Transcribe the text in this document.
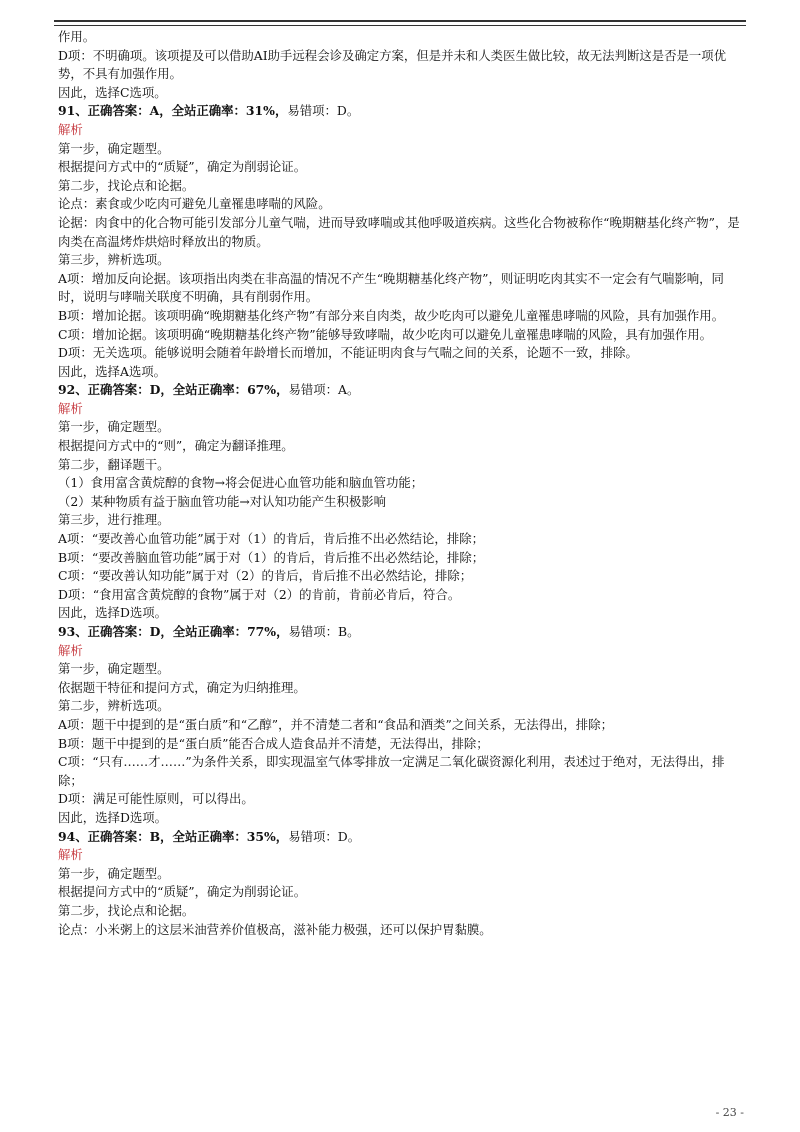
作用。
D项：不明确项。该项提及可以借助AI助手远程会诊及确定方案，但是并未和人类医生做比较，故无法判断这是否是一项优势，不具有加强作用。
因此，选择C选项。
91、正确答案：A，全站正确率：31%，易错项：D。
解析
第一步，确定题型。
根据提问方式中的“质疑”，确定为削弱论证。
第二步，找论点和论据。
论点：素食或少吃肉可避免儿童罹患哮喘的风险。
论据：肉食中的化合物可能引发部分儿童气喘，进而导致哮喘或其他呼吸道疾病。这些化合物被称作“晚期糖基化终产物”，是肉类在高温烤炸烘焙时释放出的物质。
第三步，辨析选项。
A项：增加反向论据。该项指出肉类在非高温的情况不产生“晚期糖基化终产物”，则证明吃肉其实不一定会有气喘影响，同时，说明与哮喘关联度不明确，具有削弱作用。
B项：增加论据。该项明确“晚期糖基化终产物”有部分来自肉类，故少吃肉可以避免儿童罹患哮喘的风险，具有加强作用。
C项：增加论据。该项明确“晚期糖基化终产物”能够导致哮喘，故少吃肉可以避免儿童罹患哮喘的风险，具有加强作用。
D项：无关选项。能够说明会随着年龄增长而增加，不能证明肉食与气喘之间的关系，论题不一致，排除。
因此，选择A选项。
92、正确答案：D，全站正确率：67%，易错项：A。
解析
第一步，确定题型。
根据提问方式中的“则”，确定为翻译推理。
第二步，翻译题干。
（1）食用富含黄烷醇的食物→将会促进心血管功能和脑血管功能；
（2）某种物质有益于脑血管功能→对认知功能产生积极影响
第三步，进行推理。
A项：“要改善心血管功能”属于对（1）的肯后，肯后推不出必然结论，排除；
B项：“要改善脑血管功能”属于对（1）的肯后，肯后推不出必然结论，排除；
C项：“要改善认知功能”属于对（2）的肯后，肯后推不出必然结论，排除；
D项：“食用富含黄烷醇的食物”属于对（2）的肯前，肯前必肯后，符合。
因此，选择D选项。
93、正确答案：D，全站正确率：77%，易错项：B。
解析
第一步，确定题型。
依据题干特征和提问方式，确定为归纳推理。
第二步，辨析选项。
A项：题干中提到的是“蛋白质”和“乙醇”，并不清楚二者和“食品和酒类”之间关系，无法得出，排除；
B项：题干中提到的是“蛋白质”能否合成人造食品并不清楚，无法得出，排除；
C项：“只有……才……”为条件关系，即实现温室气体零排放一定满足二氧化碳资源化利用，表述过于绝对，无法得出，排除；
D项：满足可能性原则，可以得出。
因此，选择D选项。
94、正确答案：B，全站正确率：35%，易错项：D。
解析
第一步，确定题型。
根据提问方式中的“质疑”，确定为削弱论证。
第二步，找论点和论据。
论点：小米粥上的这层米油营养价值极高，滋补能力极强，还可以保护胃黏膜。
- 23 -
